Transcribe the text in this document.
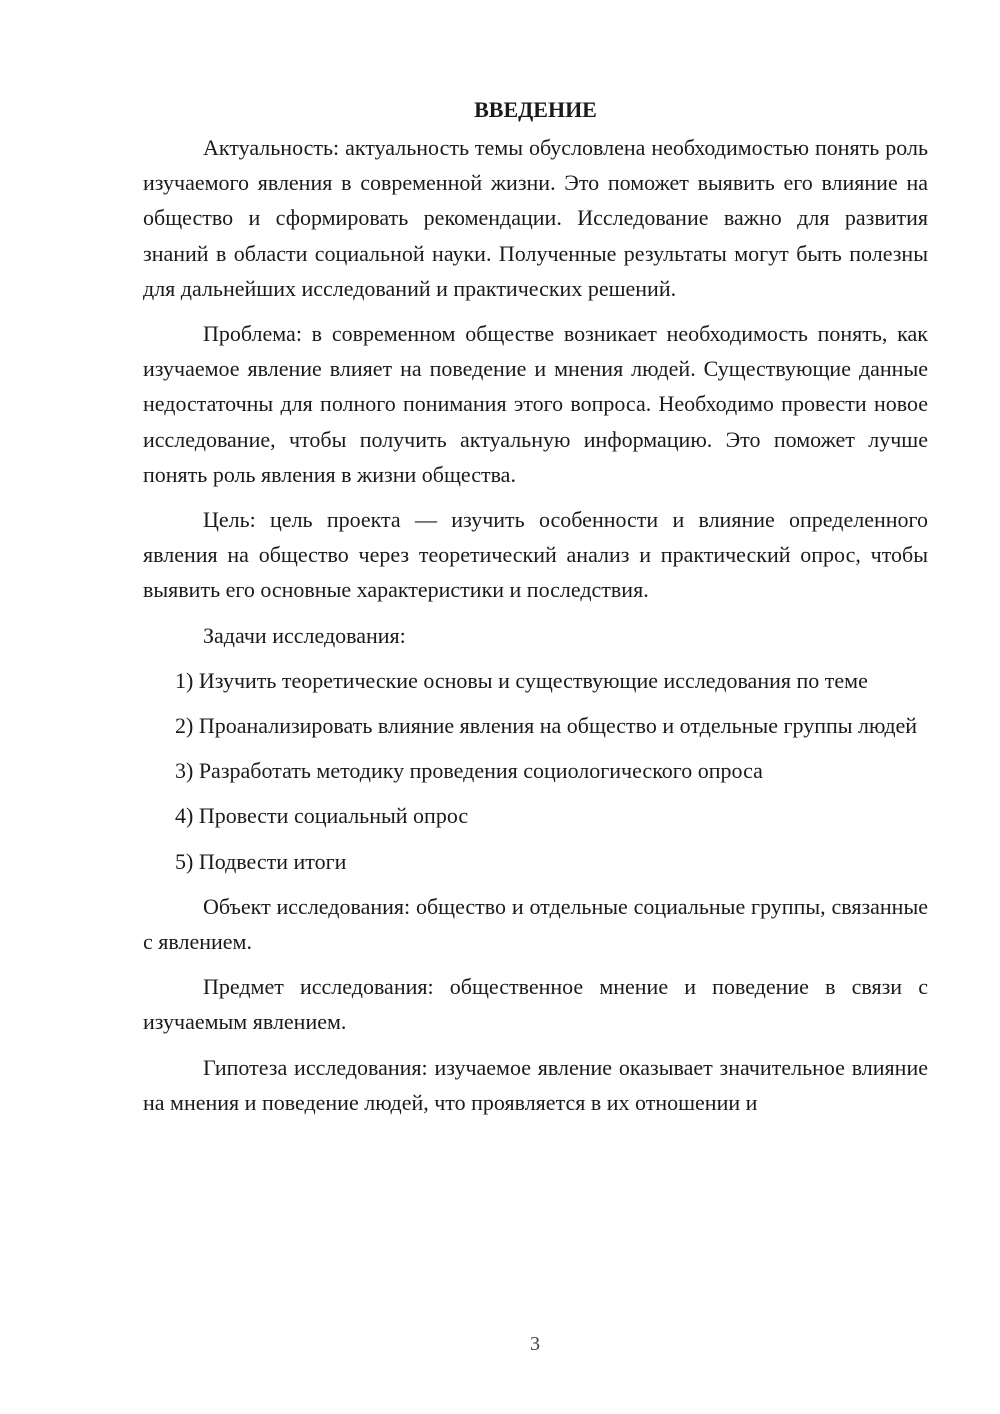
ВВЕДЕНИЕ

Актуальность: актуальность темы обусловлена необходимостью понять роль изучаемого явления в современной жизни. Это поможет выявить его влияние на общество и сформировать рекомендации. Исследование важно для развития знаний в области социальной науки. Полученные результаты могут быть полезны для дальнейших исследований и практических решений.

Проблема: в современном обществе возникает необходимость понять, как изучаемое явление влияет на поведение и мнения людей. Существующие данные недостаточны для полного понимания этого вопроса. Необходимо провести новое исследование, чтобы получить актуальную информацию. Это поможет лучше понять роль явления в жизни общества.

Цель: цель проекта — изучить особенности и влияние определенного явления на общество через теоретический анализ и практический опрос, чтобы выявить его основные характеристики и последствия.

Задачи исследования:

1) Изучить теоретические основы и существующие исследования по теме

2) Проанализировать влияние явления на общество и отдельные группы людей

3) Разработать методику проведения социологического опроса

4) Провести социальный опрос

5) Подвести итоги

Объект исследования: общество и отдельные социальные группы, связанные с явлением.

Предмет исследования: общественное мнение и поведение в связи с изучаемым явлением.

Гипотеза исследования: изучаемое явление оказывает значительное влияние на мнения и поведение людей, что проявляется в их отношении и

3
